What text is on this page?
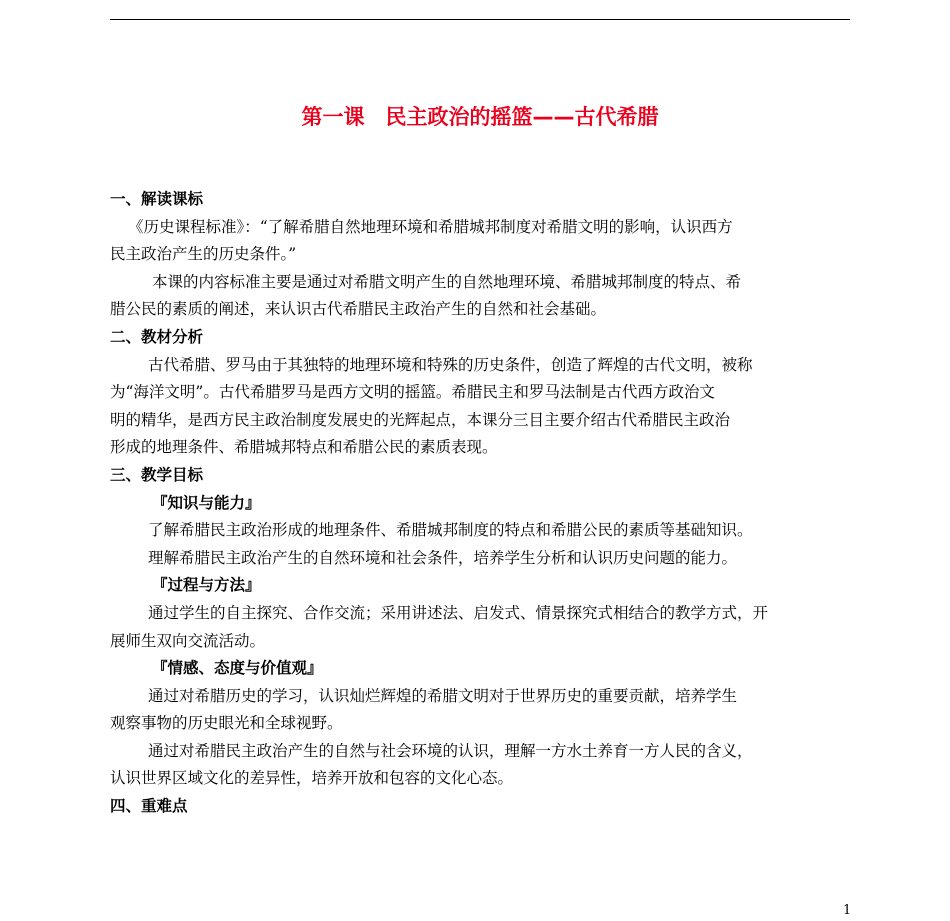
第一课　民主政治的摇篮——古代希腊
一、解读课标
《历史课程标准》：“了解希腊自然地理环境和希腊城邦制度对希腊文明的影响，认识西方
民主政治产生的历史条件。”
本课的内容标准主要是通过对希腊文明产生的自然地理环境、希腊城邦制度的特点、希
腊公民的素质的阐述，来认识古代希腊民主政治产生的自然和社会基础。
二、教材分析
古代希腊、罗马由于其独特的地理环境和特殊的历史条件，创造了辉煌的古代文明，被称
为“海洋文明”。古代希腊罗马是西方文明的摇篮。希腊民主和罗马法制是古代西方政治文
明的精华，是西方民主政治制度发展史的光辉起点，本课分三目主要介绍古代希腊民主政治
形成的地理条件、希腊城邦特点和希腊公民的素质表现。
三、教学目标
『知识与能力』
了解希腊民主政治形成的地理条件、希腊城邦制度的特点和希腊公民的素质等基础知识。
理解希腊民主政治产生的自然环境和社会条件，培养学生分析和认识历史问题的能力。
『过程与方法』
通过学生的自主探究、合作交流；采用讲述法、启发式、情景探究式相结合的教学方式，开
展师生双向交流活动。
『情感、态度与价值观』
通过对希腊历史的学习，认识灿烂辉煌的希腊文明对于世界历史的重要贡献，培养学生
观察事物的历史眼光和全球视野。
通过对希腊民主政治产生的自然与社会环境的认识，理解一方水土养育一方人民的含义，
认识世界区域文化的差异性，培养开放和包容的文化心态。
四、重难点
1
